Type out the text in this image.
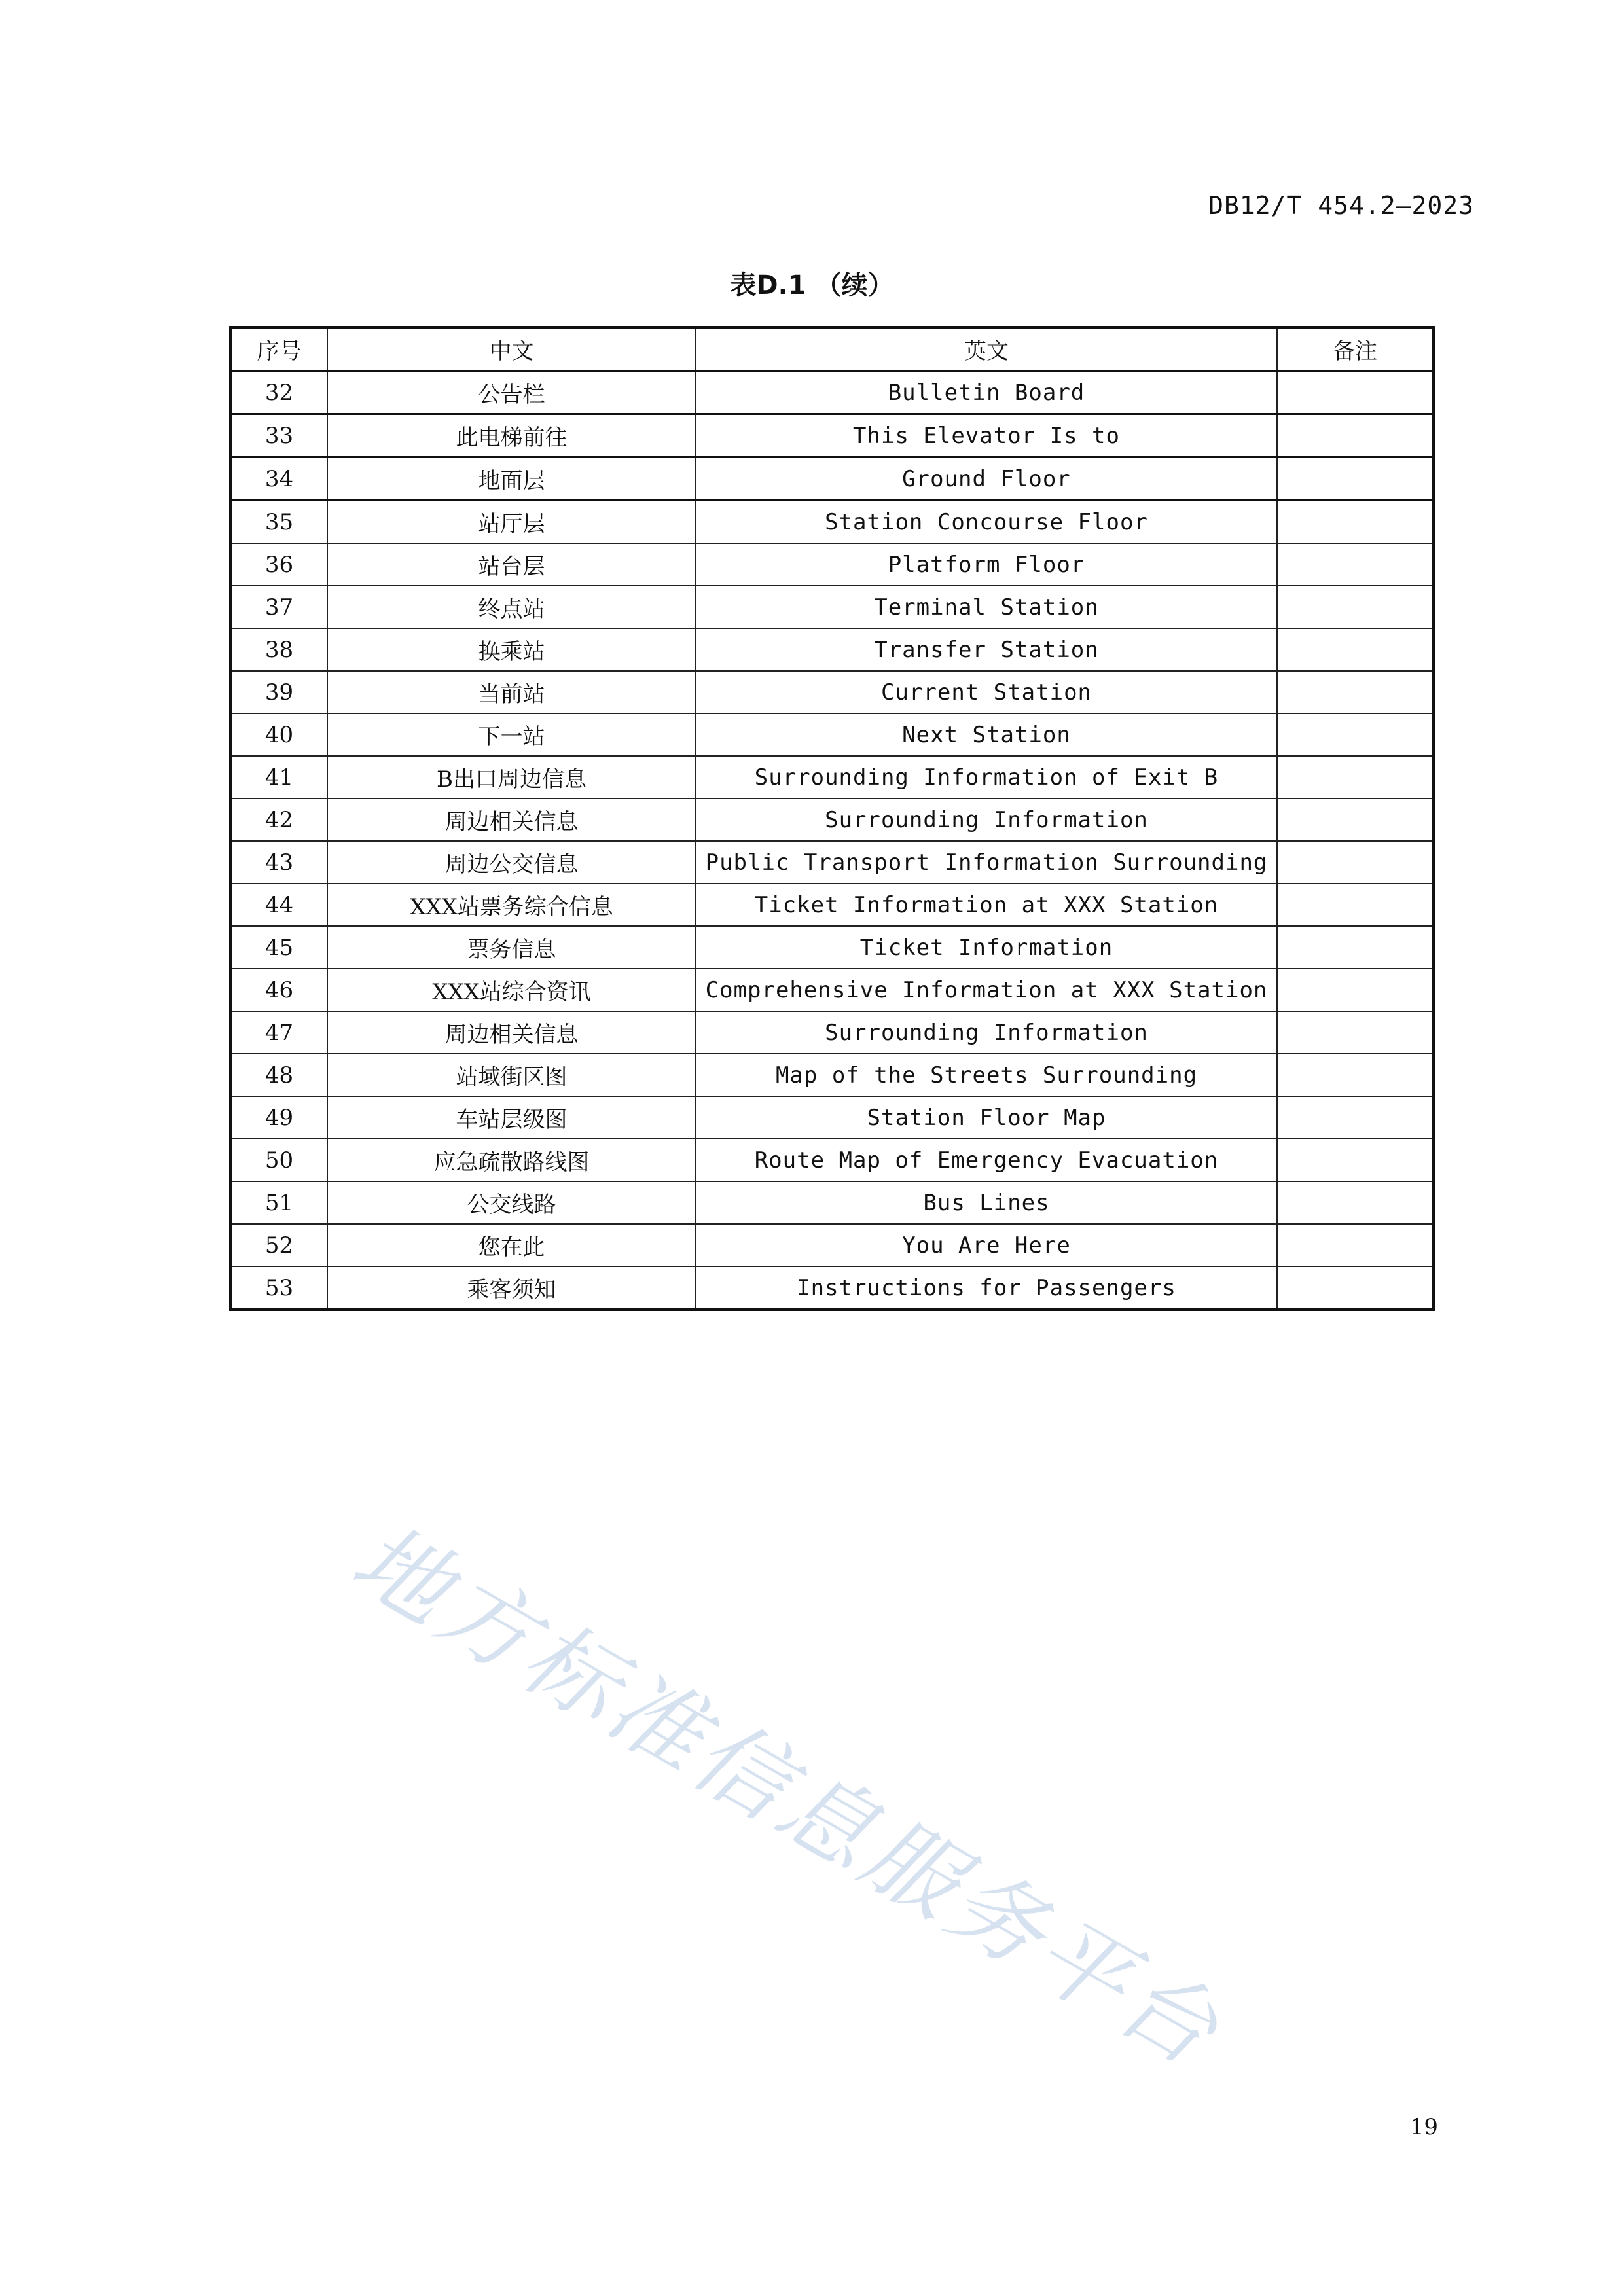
DB12/T 454.2—2023
表D.1 （续）
序号	中文	英文	备注
32	公告栏	Bulletin Board	
33	此电梯前往	This Elevator Is to	
34	地面层	Ground Floor	
35	站厅层	Station Concourse Floor	
36	站台层	Platform Floor	
37	终点站	Terminal Station	
38	换乘站	Transfer Station	
39	当前站	Current Station	
40	下一站	Next Station	
41	B出口周边信息	Surrounding Information of Exit B	
42	周边相关信息	Surrounding Information	
43	周边公交信息	Public Transport Information Surrounding	
44	XXX站票务综合信息	Ticket Information at XXX Station	
45	票务信息	Ticket Information	
46	XXX站综合资讯	Comprehensive Information at XXX Station	
47	周边相关信息	Surrounding Information	
48	站域街区图	Map of the Streets Surrounding	
49	车站层级图	Station Floor Map	
50	应急疏散路线图	Route Map of Emergency Evacuation	
51	公交线路	Bus Lines	
52	您在此	You Are Here	
53	乘客须知	Instructions for Passengers	
地方标准信息服务平台
19
